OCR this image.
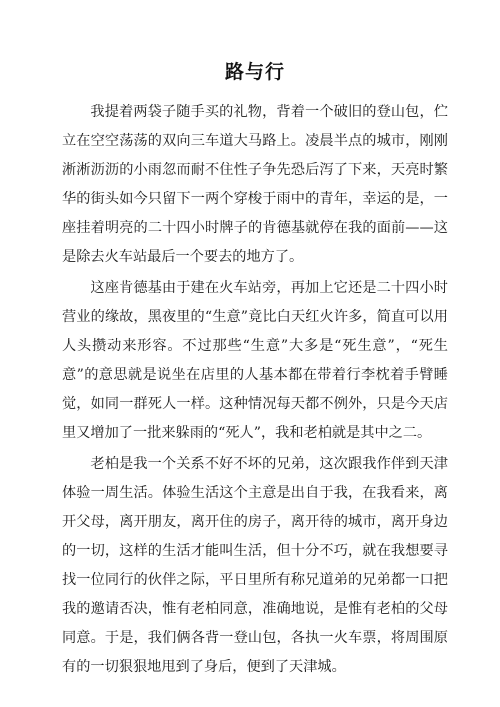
路与行

我提着两袋子随手买的礼物，背着一个破旧的登山包，伫立在空空荡荡的双向三车道大马路上。凌晨半点的城市，刚刚淅淅沥沥的小雨忽而耐不住性子争先恐后泻了下来，天亮时繁华的街头如今只留下一两个穿梭于雨中的青年，幸运的是，一座挂着明亮的二十四小时牌子的肯德基就停在我的面前——这是除去火车站最后一个要去的地方了。

这座肯德基由于建在火车站旁，再加上它还是二十四小时营业的缘故，黑夜里的“生意”竟比白天红火许多，简直可以用人头攒动来形容。不过那些“生意”大多是“死生意”，“死生意”的意思就是说坐在店里的人基本都在带着行李枕着手臂睡觉，如同一群死人一样。这种情况每天都不例外，只是今天店里又增加了一批来躲雨的“死人”，我和老柏就是其中之二。

老柏是我一个关系不好不坏的兄弟，这次跟我作伴到天津体验一周生活。体验生活这个主意是出自于我，在我看来，离开父母，离开朋友，离开住的房子，离开待的城市，离开身边的一切，这样的生活才能叫生活，但十分不巧，就在我想要寻找一位同行的伙伴之际，平日里所有称兄道弟的兄弟都一口把我的邀请否决，惟有老柏同意，准确地说，是惟有老柏的父母同意。于是，我们俩各背一登山包，各执一火车票，将周围原有的一切狠狠地甩到了身后，便到了天津城。
